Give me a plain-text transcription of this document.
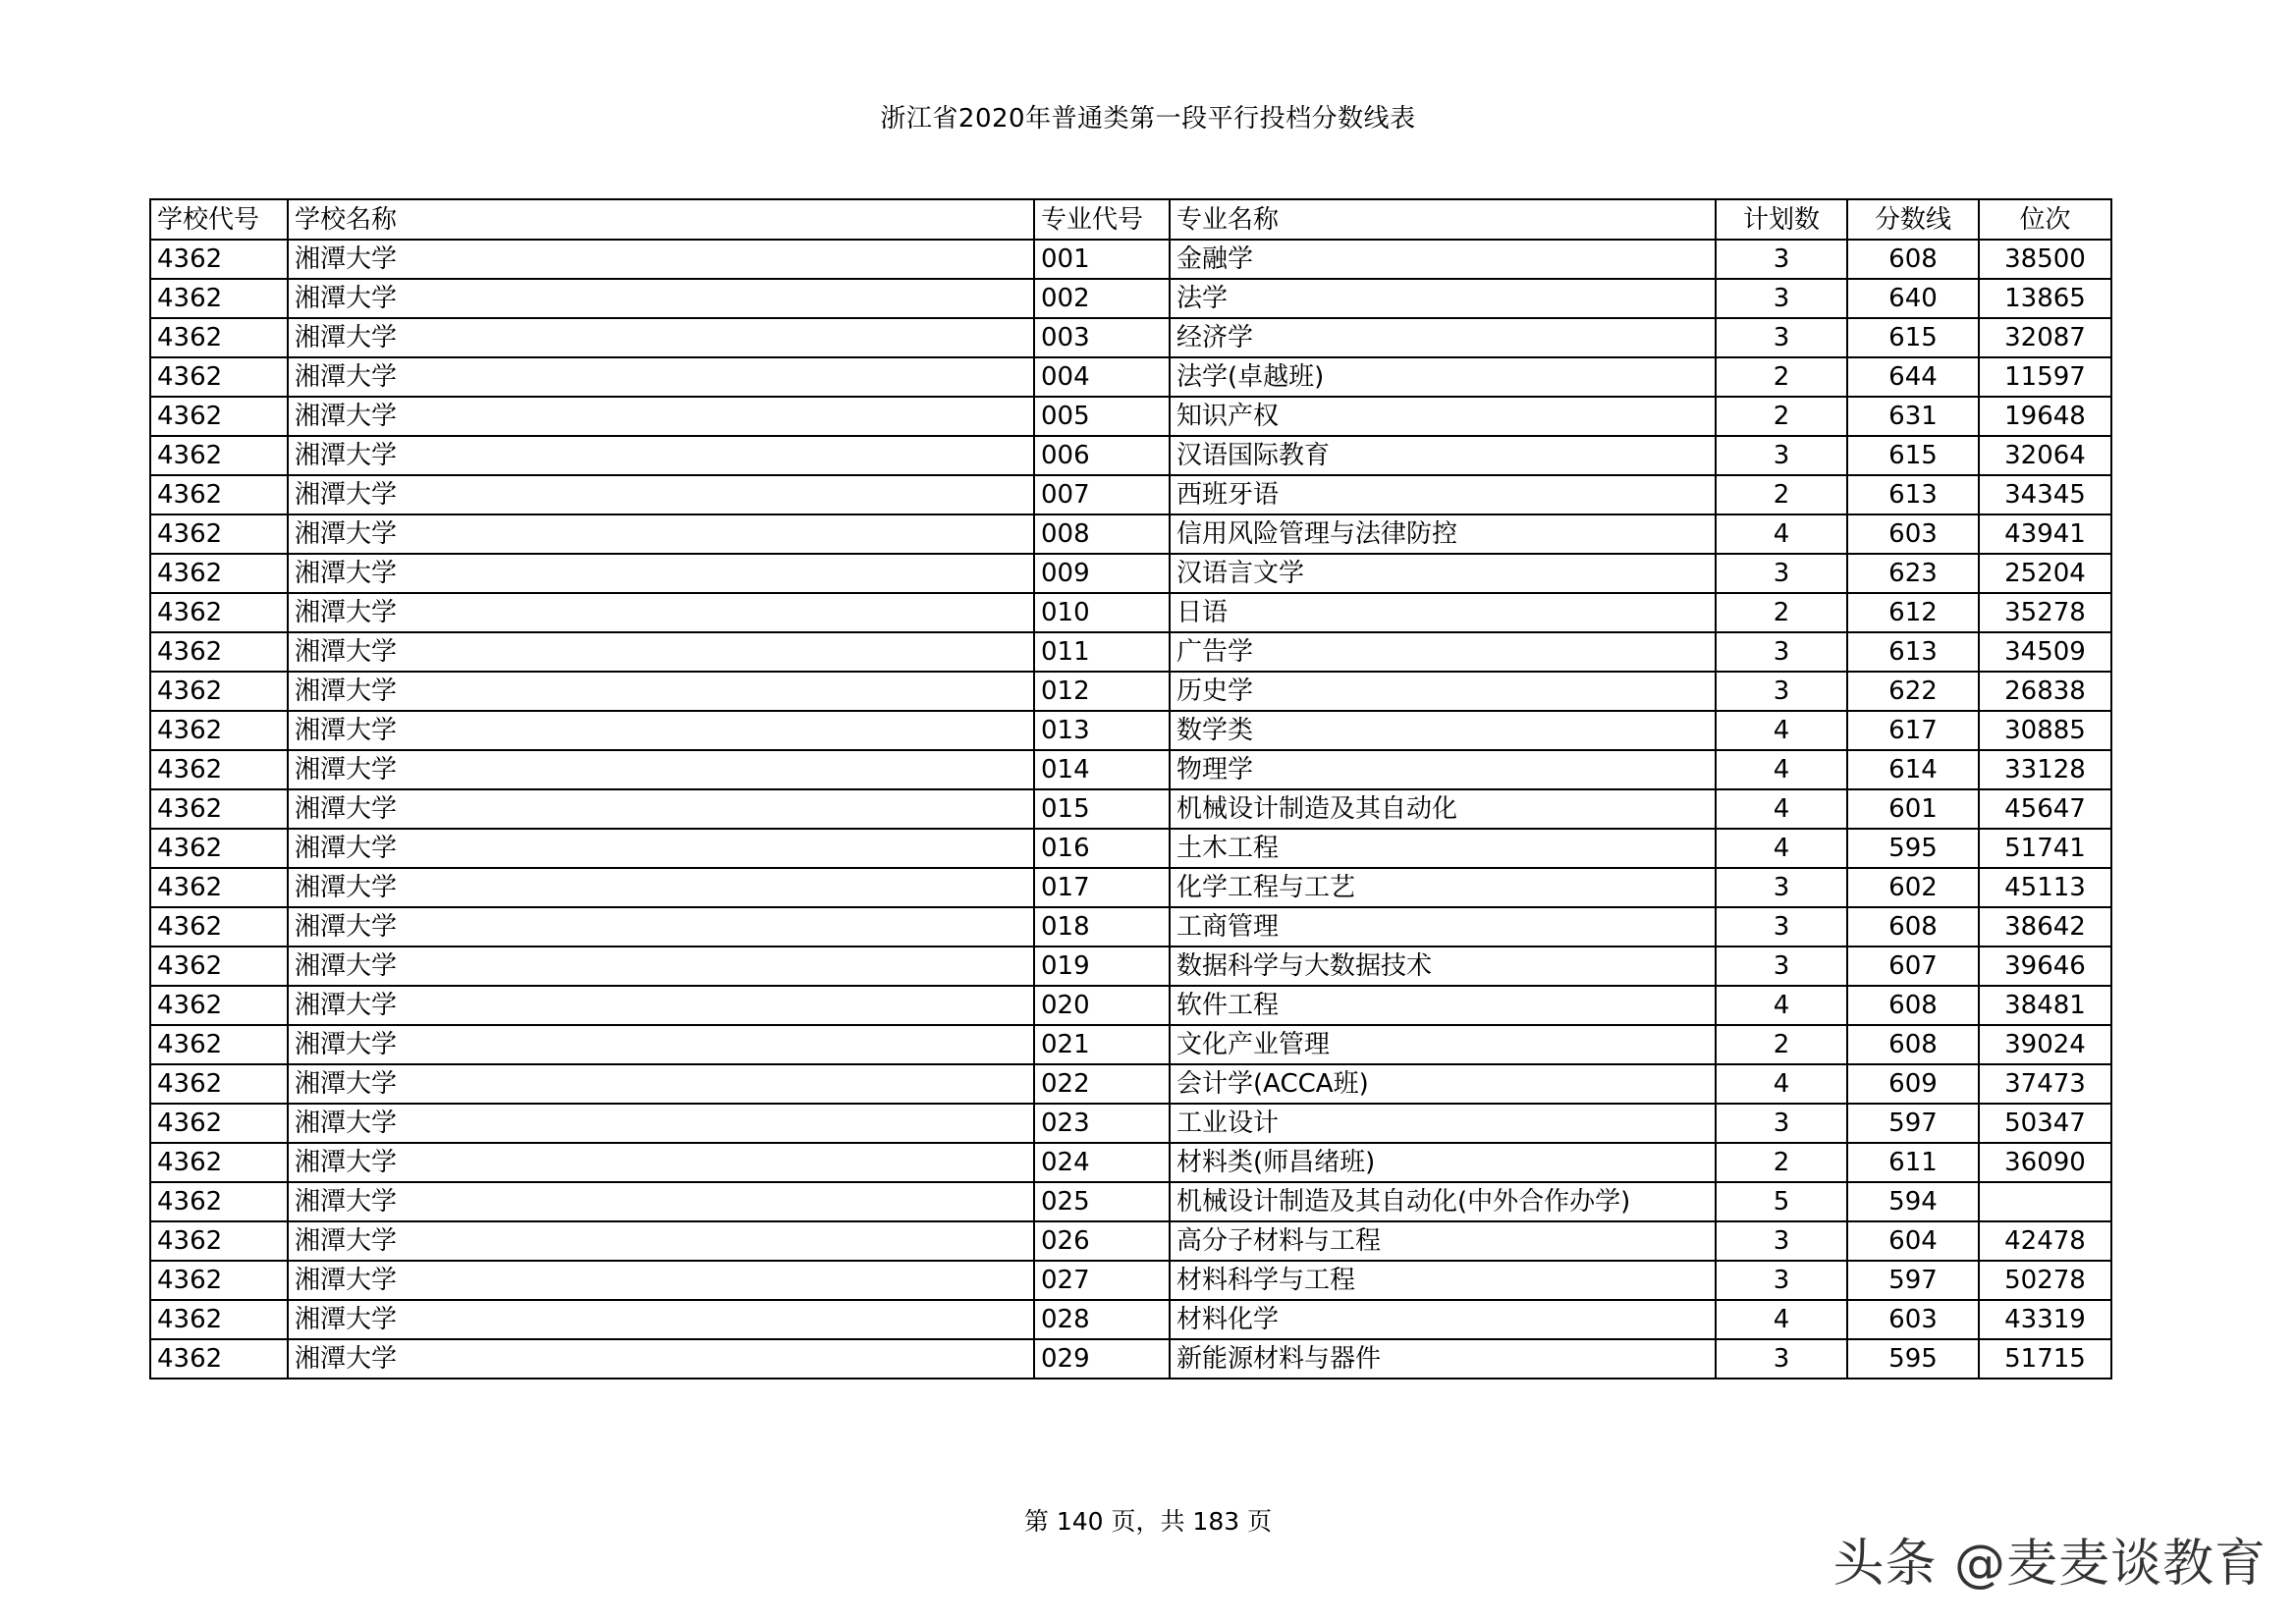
浙江省2020年普通类第一段平行投档分数线表
学校代号	学校名称	专业代号	专业名称	计划数	分数线	位次
4362	湘潭大学	001	金融学	3	608	38500
4362	湘潭大学	002	法学	3	640	13865
4362	湘潭大学	003	经济学	3	615	32087
4362	湘潭大学	004	法学(卓越班)	2	644	11597
4362	湘潭大学	005	知识产权	2	631	19648
4362	湘潭大学	006	汉语国际教育	3	615	32064
4362	湘潭大学	007	西班牙语	2	613	34345
4362	湘潭大学	008	信用风险管理与法律防控	4	603	43941
4362	湘潭大学	009	汉语言文学	3	623	25204
4362	湘潭大学	010	日语	2	612	35278
4362	湘潭大学	011	广告学	3	613	34509
4362	湘潭大学	012	历史学	3	622	26838
4362	湘潭大学	013	数学类	4	617	30885
4362	湘潭大学	014	物理学	4	614	33128
4362	湘潭大学	015	机械设计制造及其自动化	4	601	45647
4362	湘潭大学	016	土木工程	4	595	51741
4362	湘潭大学	017	化学工程与工艺	3	602	45113
4362	湘潭大学	018	工商管理	3	608	38642
4362	湘潭大学	019	数据科学与大数据技术	3	607	39646
4362	湘潭大学	020	软件工程	4	608	38481
4362	湘潭大学	021	文化产业管理	2	608	39024
4362	湘潭大学	022	会计学(ACCA班)	4	609	37473
4362	湘潭大学	023	工业设计	3	597	50347
4362	湘潭大学	024	材料类(师昌绪班)	2	611	36090
4362	湘潭大学	025	机械设计制造及其自动化(中外合作办学)	5	594	
4362	湘潭大学	026	高分子材料与工程	3	604	42478
4362	湘潭大学	027	材料科学与工程	3	597	50278
4362	湘潭大学	028	材料化学	4	603	43319
4362	湘潭大学	029	新能源材料与器件	3	595	51715
第 140 页，共 183 页
头条 @麦麦谈教育
